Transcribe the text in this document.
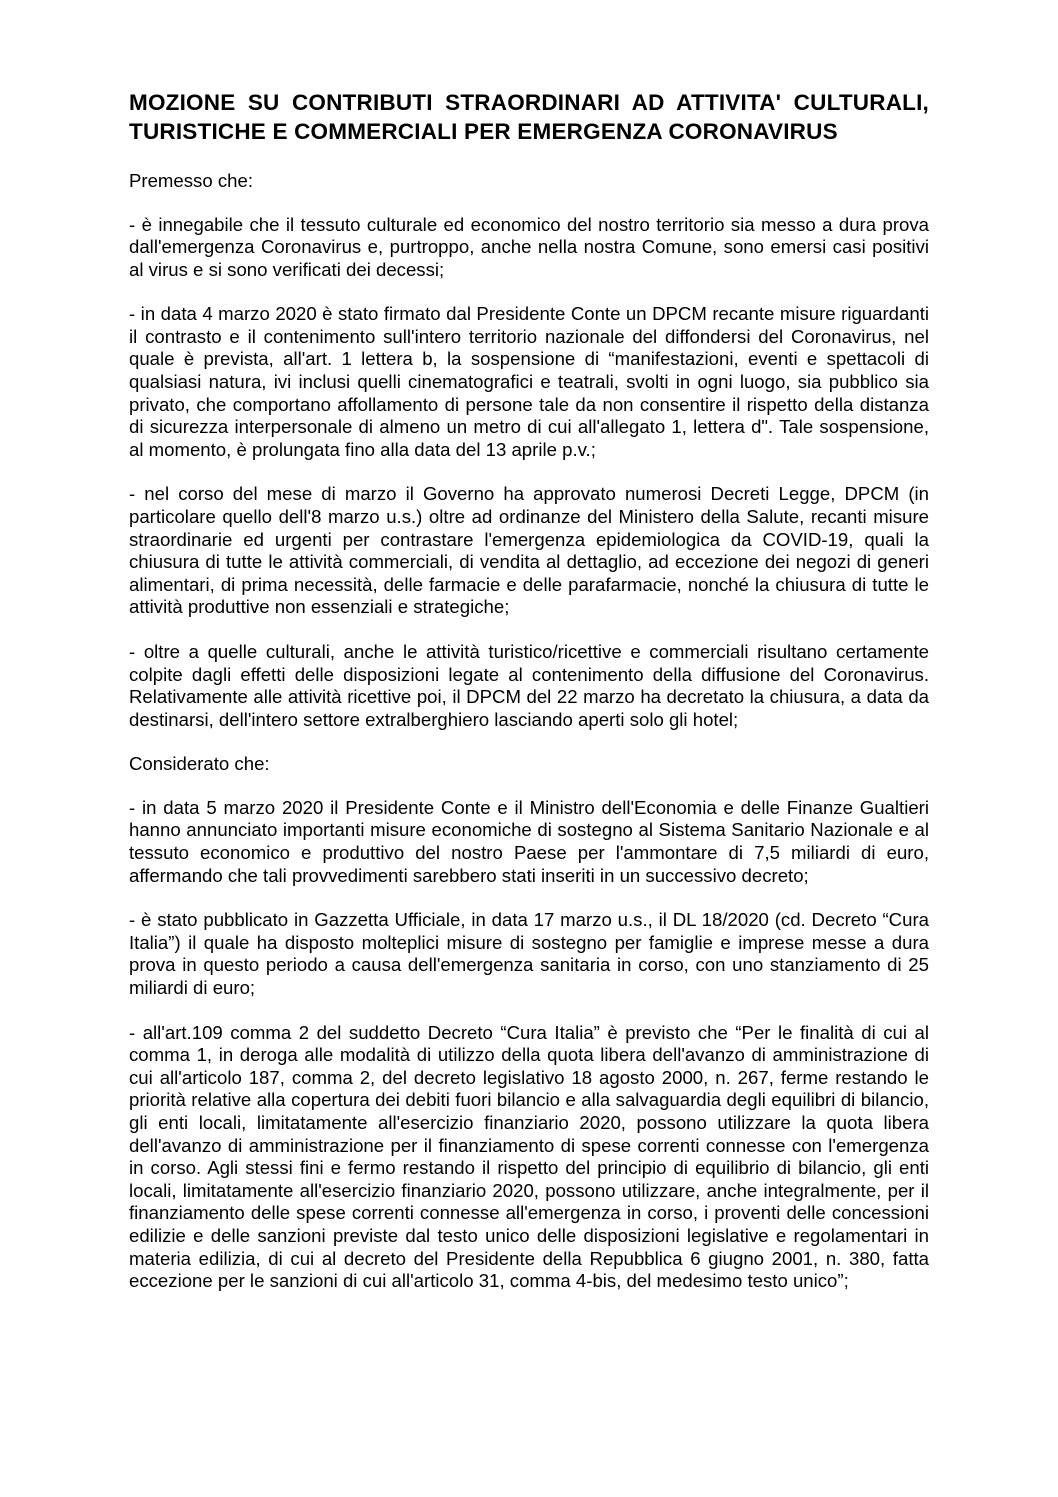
MOZIONE SU CONTRIBUTI STRAORDINARI AD ATTIVITA' CULTURALI, TURISTICHE E COMMERCIALI PER EMERGENZA CORONAVIRUS
Premesso che:

- è innegabile che il tessuto culturale ed economico del nostro territorio sia messo a dura prova dall'emergenza Coronavirus e, purtroppo, anche nella nostra Comune, sono emersi casi positivi al virus e si sono verificati dei decessi;

- in data 4 marzo 2020 è stato firmato dal Presidente Conte un DPCM recante misure riguardanti il contrasto e il contenimento sull'intero territorio nazionale del diffondersi del Coronavirus, nel quale è prevista, all'art. 1 lettera b, la sospensione di “manifestazioni, eventi e spettacoli di qualsiasi natura, ivi inclusi quelli cinematografici e teatrali, svolti in ogni luogo, sia pubblico sia privato, che comportano affollamento di persone tale da non consentire il rispetto della distanza di sicurezza interpersonale di almeno un metro di cui all'allegato 1, lettera d". Tale sospensione, al momento, è prolungata fino alla data del 13 aprile p.v.;

- nel corso del mese di marzo il Governo ha approvato numerosi Decreti Legge, DPCM (in particolare quello dell'8 marzo u.s.) oltre ad ordinanze del Ministero della Salute, recanti misure straordinarie ed urgenti per contrastare l'emergenza epidemiologica da COVID-19, quali la chiusura di tutte le attività commerciali, di vendita al dettaglio, ad eccezione dei negozi di generi alimentari, di prima necessità, delle farmacie e delle parafarmacie, nonché la chiusura di tutte le attività produttive non essenziali e strategiche;

- oltre a quelle culturali, anche le attività turistico/ricettive e commerciali risultano certamente colpite dagli effetti delle disposizioni legate al contenimento della diffusione del Coronavirus. Relativamente alle attività ricettive poi, il DPCM del 22 marzo ha decretato la chiusura, a data da destinarsi, dell'intero settore extralberghiero lasciando aperti solo gli hotel;

Considerato che:

- in data 5 marzo 2020 il Presidente Conte e il Ministro dell'Economia e delle Finanze Gualtieri hanno annunciato importanti misure economiche di sostegno al Sistema Sanitario Nazionale e al tessuto economico e produttivo del nostro Paese per l'ammontare di 7,5 miliardi di euro, affermando che tali provvedimenti sarebbero stati inseriti in un successivo decreto;

- è stato pubblicato in Gazzetta Ufficiale, in data 17 marzo u.s., il DL 18/2020 (cd. Decreto “Cura Italia”) il quale ha disposto molteplici misure di sostegno per famiglie e imprese messe a dura prova in questo periodo a causa dell'emergenza sanitaria in corso, con uno stanziamento di 25 miliardi di euro;

- all'art.109 comma 2 del suddetto Decreto “Cura Italia” è previsto che “Per le finalità di cui al comma 1, in deroga alle modalità di utilizzo della quota libera dell'avanzo di amministrazione di cui all'articolo 187, comma 2, del decreto legislativo 18 agosto 2000, n. 267, ferme restando le priorità relative alla copertura dei debiti fuori bilancio e alla salvaguardia degli equilibri di bilancio, gli enti locali, limitatamente all'esercizio finanziario 2020, possono utilizzare la quota libera dell'avanzo di amministrazione per il finanziamento di spese correnti connesse con l'emergenza in corso. Agli stessi fini e fermo restando il rispetto del principio di equilibrio di bilancio, gli enti locali, limitatamente all'esercizio finanziario 2020, possono utilizzare, anche integralmente, per il finanziamento delle spese correnti connesse all'emergenza in corso, i proventi delle concessioni edilizie e delle sanzioni previste dal testo unico delle disposizioni legislative e regolamentari in materia edilizia, di cui al decreto del Presidente della Repubblica 6 giugno 2001, n. 380, fatta eccezione per le sanzioni di cui all'articolo 31, comma 4-bis, del medesimo testo unico”;
